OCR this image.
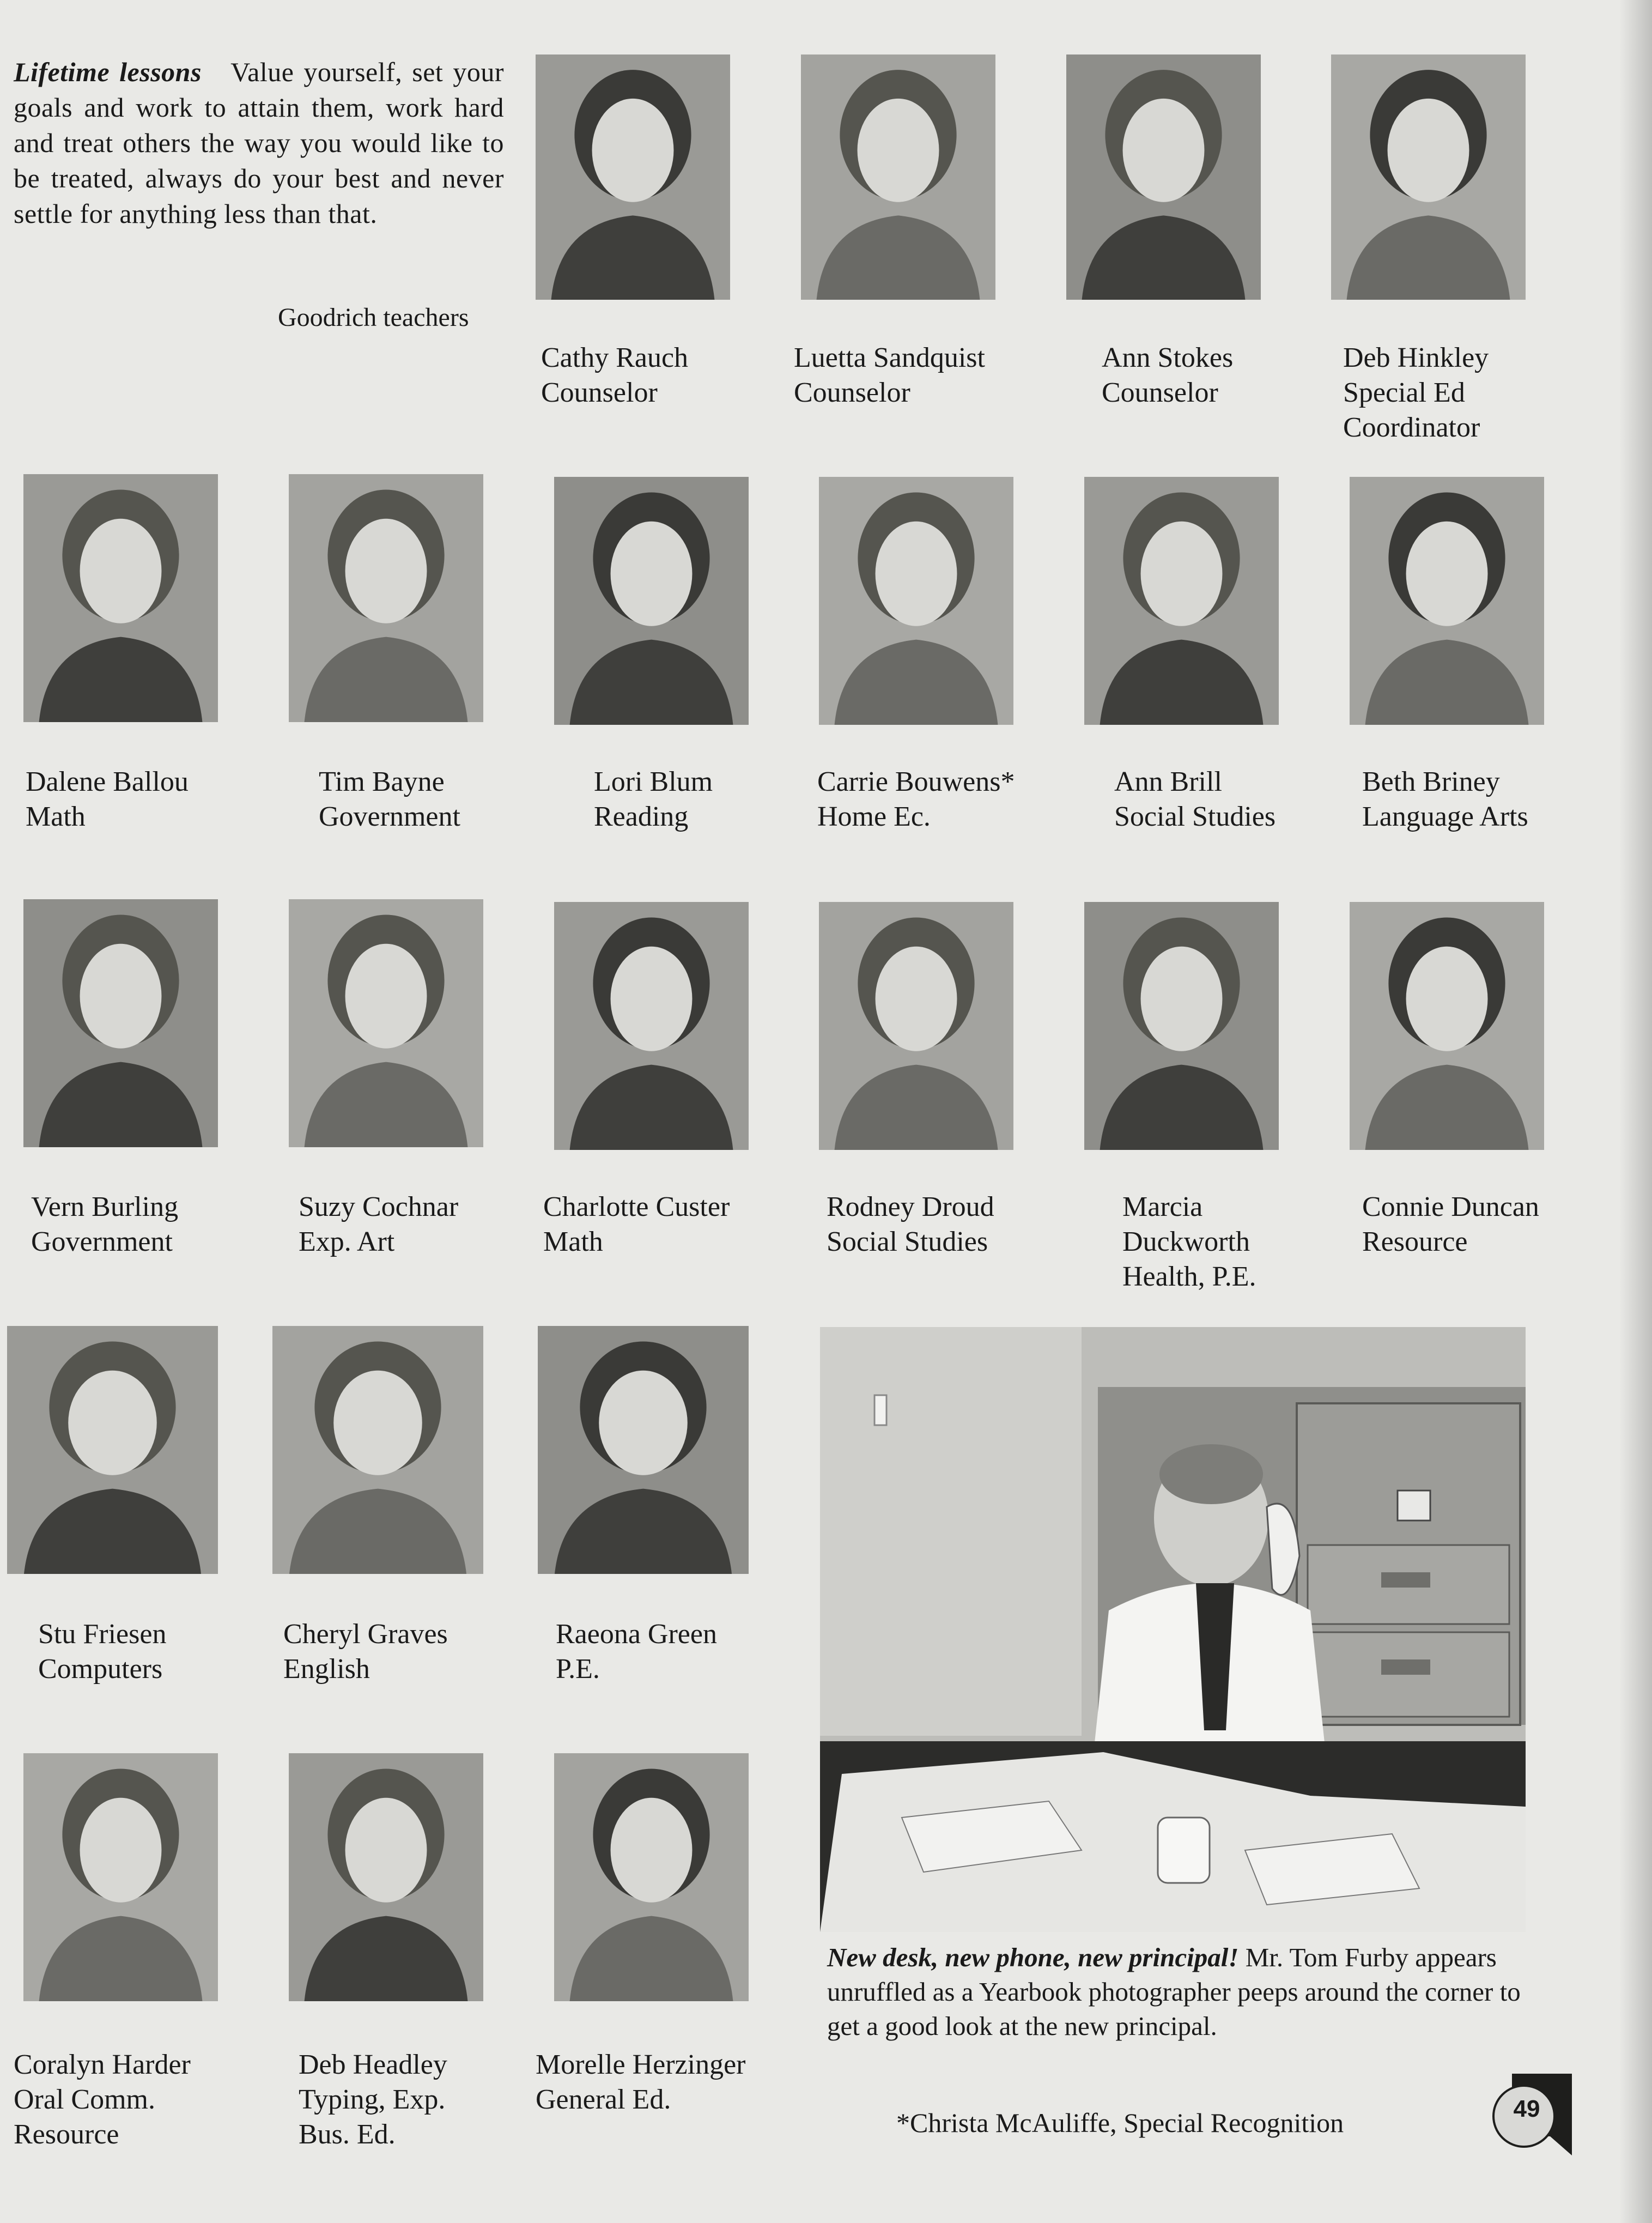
Lifetime lessons Value yourself, set your goals and work to attain them, work hard and treat others the way you would like to be treated, always do your best and never settle for anything less than that.
Goodrich teachers
Cathy Rauch
Counselor
Luetta Sandquist
Counselor
Ann Stokes
Counselor
Deb Hinkley
Special Ed
Coordinator
Dalene Ballou
Math
Tim Bayne
Government
Lori Blum
Reading
Carrie Bouwens*
Home Ec.
Ann Brill
Social Studies
Beth Briney
Language Arts
Vern Burling
Government
Suzy Cochnar
Exp. Art
Charlotte Custer
Math
Rodney Droud
Social Studies
Marcia
Duckworth
Health, P.E.
Connie Duncan
Resource
Stu Friesen
Computers
Cheryl Graves
English
Raeona Green
P.E.
Coralyn Harder
Oral Comm.
Resource
Deb Headley
Typing, Exp.
Bus. Ed.
Morelle Herzinger
General Ed.
New desk, new phone, new principal! Mr. Tom Furby appears unruffled as a Yearbook photographer peeps around the corner to get a good look at the new principal.
*Christa McAuliffe, Special Recognition	49
